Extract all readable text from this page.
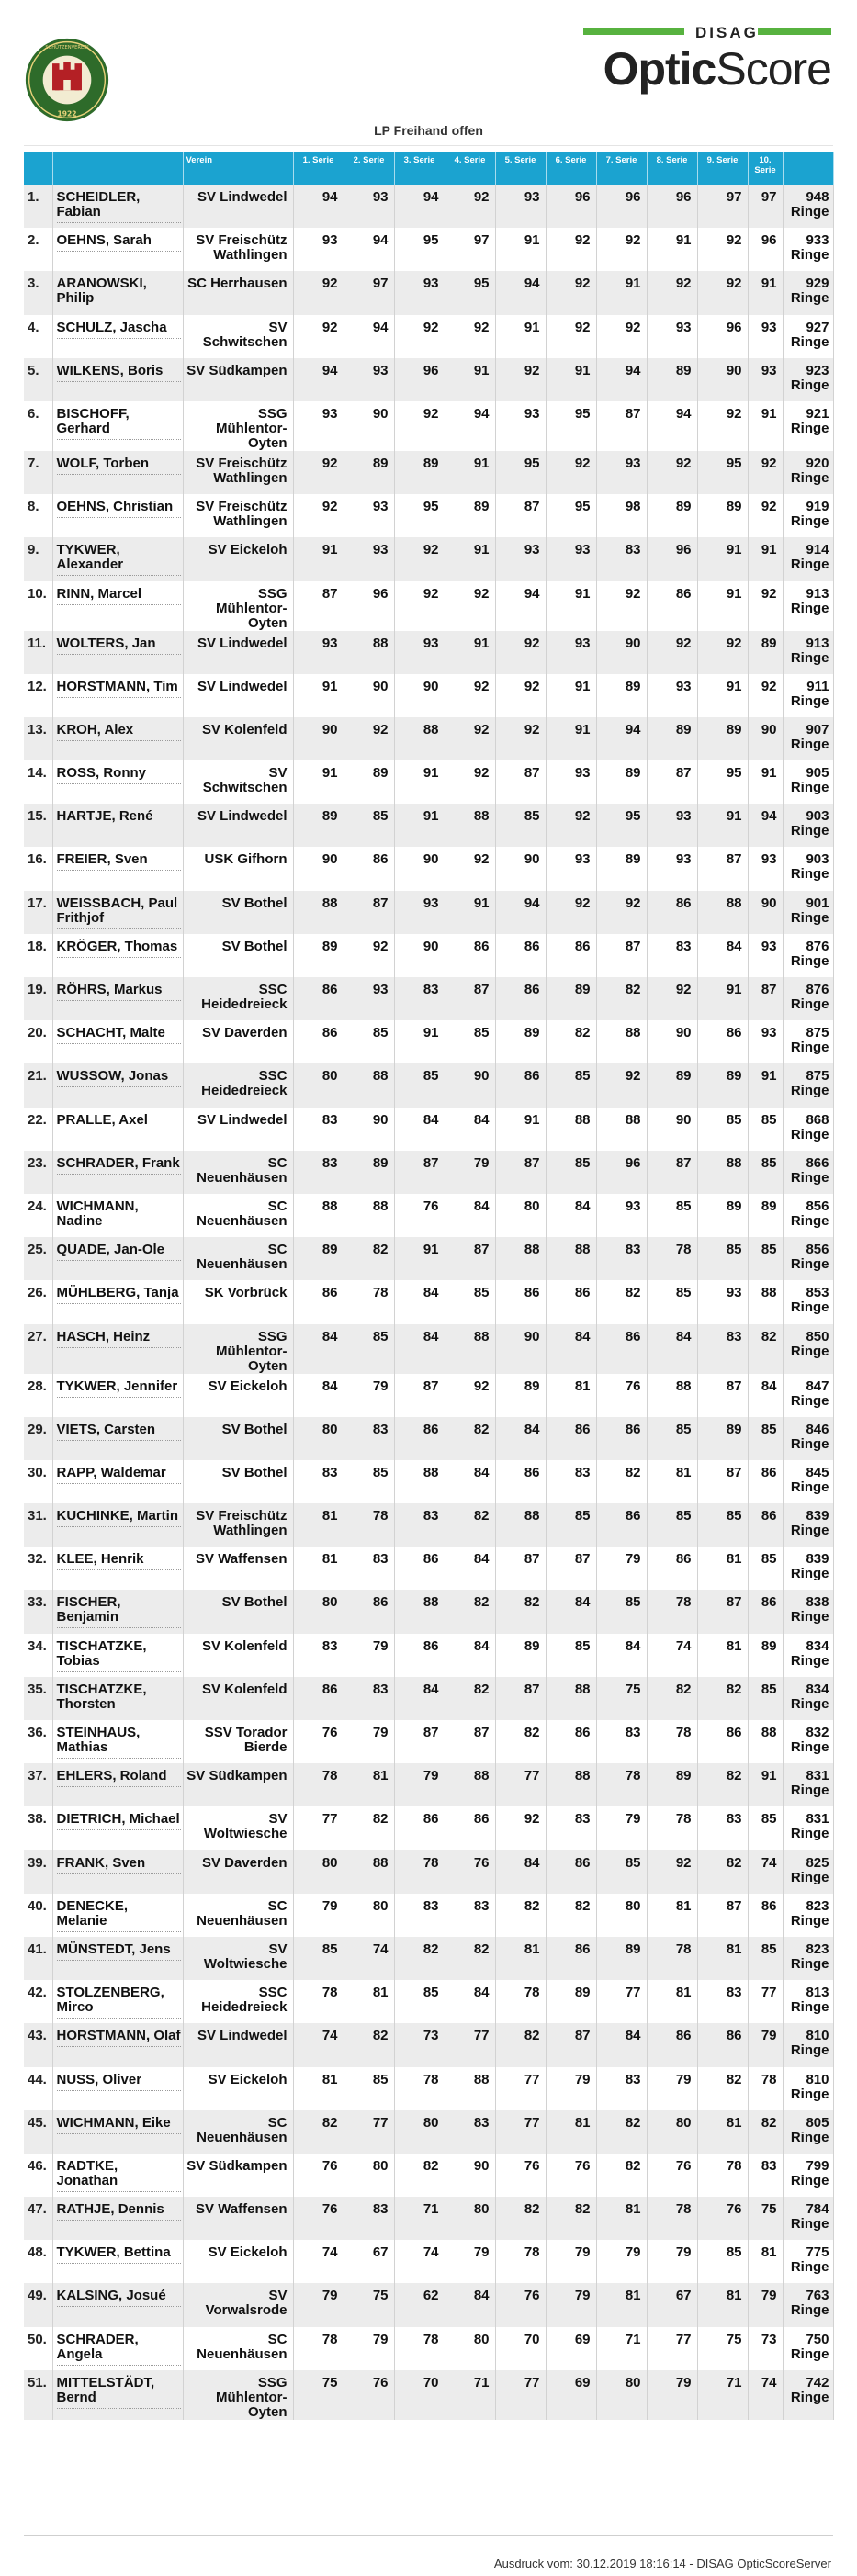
SCHÜTZENVEREIN
1922
DISAG
OpticScore
LP Freihand offen
		Verein	1. Serie	2. Serie	3. Serie	4. Serie	5. Serie	6. Serie	7. Serie	8. Serie	9. Serie	10. Serie	
1.	SCHEIDLER, Fabian	SV Lindwedel	94	93	94	92	93	96	96	96	97	97	948 Ringe
2.	OEHNS, Sarah	SV Freischütz Wathlingen	93	94	95	97	91	92	92	91	92	96	933 Ringe
3.	ARANOWSKI, Philip	SC Herrhausen	92	97	93	95	94	92	91	92	92	91	929 Ringe
4.	SCHULZ, Jascha	SV Schwitschen	92	94	92	92	91	92	92	93	96	93	927 Ringe
5.	WILKENS, Boris	SV Südkampen	94	93	96	91	92	91	94	89	90	93	923 Ringe
6.	BISCHOFF, Gerhard	SSG Mühlentor-Oyten	93	90	92	94	93	95	87	94	92	91	921 Ringe
7.	WOLF, Torben	SV Freischütz Wathlingen	92	89	89	91	95	92	93	92	95	92	920 Ringe
8.	OEHNS, Christian	SV Freischütz Wathlingen	92	93	95	89	87	95	98	89	89	92	919 Ringe
9.	TYKWER, Alexander	SV Eickeloh	91	93	92	91	93	93	83	96	91	91	914 Ringe
10.	RINN, Marcel	SSG Mühlentor-Oyten	87	96	92	92	94	91	92	86	91	92	913 Ringe
11.	WOLTERS, Jan	SV Lindwedel	93	88	93	91	92	93	90	92	92	89	913 Ringe
12.	HORSTMANN, Tim	SV Lindwedel	91	90	90	92	92	91	89	93	91	92	911 Ringe
13.	KROH, Alex	SV Kolenfeld	90	92	88	92	92	91	94	89	89	90	907 Ringe
14.	ROSS, Ronny	SV Schwitschen	91	89	91	92	87	93	89	87	95	91	905 Ringe
15.	HARTJE, René	SV Lindwedel	89	85	91	88	85	92	95	93	91	94	903 Ringe
16.	FREIER, Sven	USK Gifhorn	90	86	90	92	90	93	89	93	87	93	903 Ringe
17.	WEISSBACH, Paul Frithjof	SV Bothel	88	87	93	91	94	92	92	86	88	90	901 Ringe
18.	KRÖGER, Thomas	SV Bothel	89	92	90	86	86	86	87	83	84	93	876 Ringe
19.	RÖHRS, Markus	SSC Heidedreieck	86	93	83	87	86	89	82	92	91	87	876 Ringe
20.	SCHACHT, Malte	SV Daverden	86	85	91	85	89	82	88	90	86	93	875 Ringe
21.	WUSSOW, Jonas	SSC Heidedreieck	80	88	85	90	86	85	92	89	89	91	875 Ringe
22.	PRALLE, Axel	SV Lindwedel	83	90	84	84	91	88	88	90	85	85	868 Ringe
23.	SCHRADER, Frank	SC Neuenhäusen	83	89	87	79	87	85	96	87	88	85	866 Ringe
24.	WICHMANN, Nadine	SC Neuenhäusen	88	88	76	84	80	84	93	85	89	89	856 Ringe
25.	QUADE, Jan-Ole	SC Neuenhäusen	89	82	91	87	88	88	83	78	85	85	856 Ringe
26.	MÜHLBERG, Tanja	SK Vorbrück	86	78	84	85	86	86	82	85	93	88	853 Ringe
27.	HASCH, Heinz	SSG Mühlentor-Oyten	84	85	84	88	90	84	86	84	83	82	850 Ringe
28.	TYKWER, Jennifer	SV Eickeloh	84	79	87	92	89	81	76	88	87	84	847 Ringe
29.	VIETS, Carsten	SV Bothel	80	83	86	82	84	86	86	85	89	85	846 Ringe
30.	RAPP, Waldemar	SV Bothel	83	85	88	84	86	83	82	81	87	86	845 Ringe
31.	KUCHINKE, Martin	SV Freischütz Wathlingen	81	78	83	82	88	85	86	85	85	86	839 Ringe
32.	KLEE, Henrik	SV Waffensen	81	83	86	84	87	87	79	86	81	85	839 Ringe
33.	FISCHER, Benjamin	SV Bothel	80	86	88	82	82	84	85	78	87	86	838 Ringe
34.	TISCHATZKE, Tobias	SV Kolenfeld	83	79	86	84	89	85	84	74	81	89	834 Ringe
35.	TISCHATZKE, Thorsten	SV Kolenfeld	86	83	84	82	87	88	75	82	82	85	834 Ringe
36.	STEINHAUS, Mathias	SSV Torador Bierde	76	79	87	87	82	86	83	78	86	88	832 Ringe
37.	EHLERS, Roland	SV Südkampen	78	81	79	88	77	88	78	89	82	91	831 Ringe
38.	DIETRICH, Michael	SV Woltwiesche	77	82	86	86	92	83	79	78	83	85	831 Ringe
39.	FRANK, Sven	SV Daverden	80	88	78	76	84	86	85	92	82	74	825 Ringe
40.	DENECKE, Melanie	SC Neuenhäusen	79	80	83	83	82	82	80	81	87	86	823 Ringe
41.	MÜNSTEDT, Jens	SV Woltwiesche	85	74	82	82	81	86	89	78	81	85	823 Ringe
42.	STOLZENBERG, Mirco	SSC Heidedreieck	78	81	85	84	78	89	77	81	83	77	813 Ringe
43.	HORSTMANN, Olaf	SV Lindwedel	74	82	73	77	82	87	84	86	86	79	810 Ringe
44.	NUSS, Oliver	SV Eickeloh	81	85	78	88	77	79	83	79	82	78	810 Ringe
45.	WICHMANN, Eike	SC Neuenhäusen	82	77	80	83	77	81	82	80	81	82	805 Ringe
46.	RADTKE, Jonathan	SV Südkampen	76	80	82	90	76	76	82	76	78	83	799 Ringe
47.	RATHJE, Dennis	SV Waffensen	76	83	71	80	82	82	81	78	76	75	784 Ringe
48.	TYKWER, Bettina	SV Eickeloh	74	67	74	79	78	79	79	79	85	81	775 Ringe
49.	KALSING, Josué	SV Vorwalsrode	79	75	62	84	76	79	81	67	81	79	763 Ringe
50.	SCHRADER, Angela	SC Neuenhäusen	78	79	78	80	70	69	71	77	75	73	750 Ringe
51.	MITTELSTÄDT, Bernd	SSG Mühlentor-Oyten	75	76	70	71	77	69	80	79	71	74	742 Ringe
Ausdruck vom: 30.12.2019 18:16:14 - DISAG OpticScoreServer
